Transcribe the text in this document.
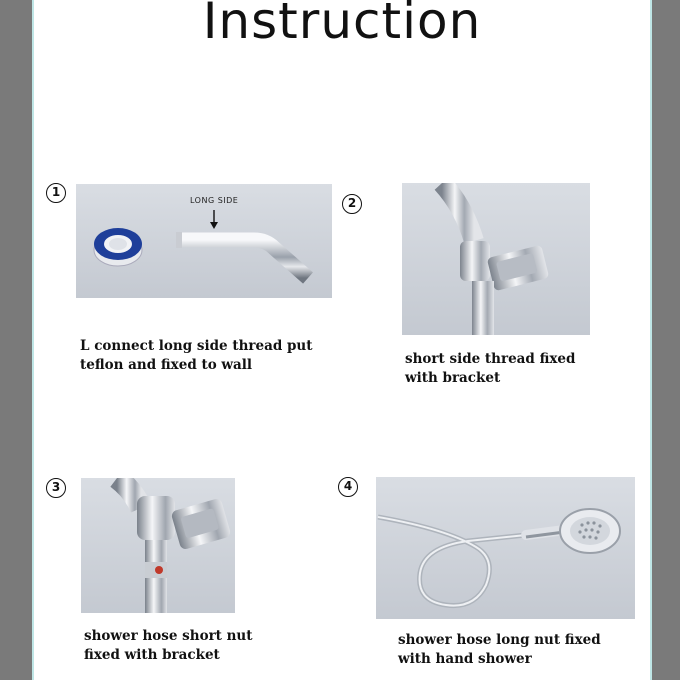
Instruction
1
LONG SIDE
L connect long side thread put
teflon and fixed to wall
2
short side thread fixed
with bracket
3
shower hose short nut
fixed with bracket
4
shower hose long nut fixed
with hand shower
